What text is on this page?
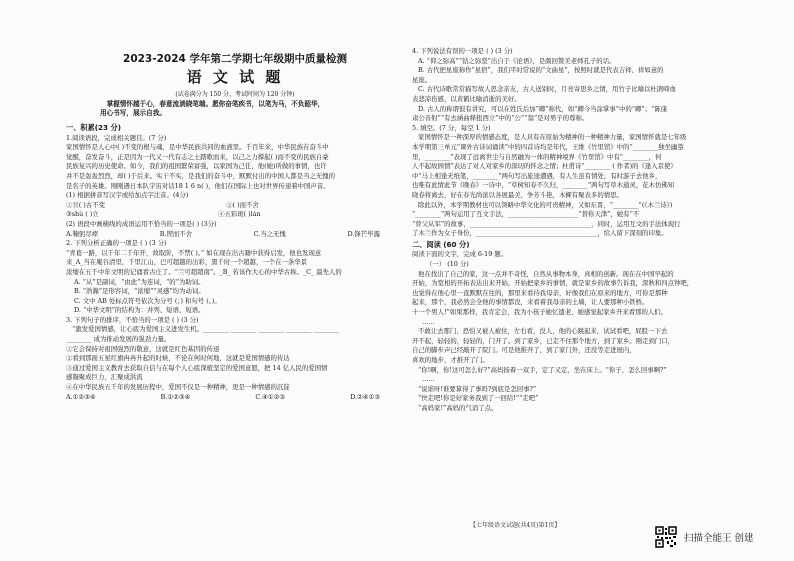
2023-2024 学年第二学期七年级期中质量检测
语 文 试 题
(试卷满分为 150 分，考试时间为 120 分钟)
掌握情怀越于心，春意流淌晓笔端。愿你奋笔疾书，以笔为马，不负韶华，
用心书写，展示自我。
一、积累(23 分)
1.阅读语段，完成相关题目。(7 分)
家国情怀是人心中( )不变的根与魂，是中华民族共同的血液里。千百年来，中华民族在奋斗中
觉醒，奋发奋斗，正是因为一代又一代有志之士踏歌而来，以己之力撑起( )而不变的民族自豪
民族复兴的历史使命。如今，我们的祖国繁荣富强，以家国为己任，他(她)所做的事情，也许
并不是轰轰烈烈，却( )于后来。实干不实，是我们的奋斗中，默默付出的中国人都是当之无愧的
是名子的英雄。刚刚遇日本队宇宙对话18 1 6 n( )，他们在国际上也对世界传递着中国声音。
(1) 根据拼音写汉字或给加点字注音。(4分)
①亘( )古不变	②( )而不舍
③shù ( )立	④五彩斑( )lán
(2) 语段中画横线的成语运用不恰当的一项是( ) (3分)
A.鞠躬尽瘁	B.锲而不舍	C.当之无愧	D.锋芒毕露
2. 下列分析正确的一项是 ( ) (3 分)
“青葛一路，以千年二千年开，故取阶，不禁( )。” 如在现在出古籍中获得启发，他也发现意
来_A_当在庵谷清里，千里江山，巴可超越的出彩，黑千时一个超越，一个在一条华景
浓缩在五千中年文明的记诵看古庄了。“兰可超超南”。_B_ 若该作大心的中华古称。_C_ 最先人的
A. “从”是副词，“由此”为连词，“的”为助词。
B. “浩瀚”是形容词，“浓缩”“灵感”均为动词。
C. 文中 AB 处标点符号依次为分号 (；) 和句号 (。)。
D. “中华文明”的结构为：并列、短语、短语。
3. 下列句子的排序，不恰当的一项是 ( ) (3 分)
“激发爱国情感，让心底为爱国主义进发生机。________ ________ ________ ________ ________
________ 成为推动发展的强劲力量。
①它会保持对祖国强烈的敬意，这就是红色基因的传递
②看到那面五星红旗冉冉升起的时候，不论在何时何地，这就是爱国情感的传达
③通过爱国主义教育去获取自信与在每个人心底深植坚定的爱国意愿，把 14 亿人民的爱国情
感凝聚成巨力，汇聚成洪流
④在中华民族五千年的发展历程中，爱国不仅是一种精神，更是一种情感的沉淀
A.①②③④	B.①②③④	C.④①②③	D.②④①③
4. 下列说法有误的一项是 ( ) (3 分)
A. “仰之弥高”“钻之弥坚”出自于《论语》，是颜回赞美老师孔子的话。
B. 古代把星座称作“星宿”，我们平时常说的“文曲星”，按照时就是代表吉祥、祥如意的
星座。
C. 古代诗歌常常描写故人思念亲友，古人送别时，月亮寄思乡之情，用竹子比喻以杜鹃啼血
表悲凉伤感，以黄鹤比喻消逝的美好。
D. 古人的称谓很有讲究，可以在姓氏后加“卿”称代，如“卿今当涂掌事”中的“卿”；“陈康
肃公善射”“有去涵曲释扭西立”中的“公”“翁”是对男子的尊称。
5. 填空。(7 分，每空 1 分)
家国情怀是一种深厚的情感态度，是人具有在原始为精神的一种精神力量，家国情怀就是七年级
本学期第三单元“课外古诗词诵读”中的四首诗均是年代，王维《竹里馆》中的“________独坐幽篁
里，________”表现了远离世尘与自然融为一体的精神境界《竹里馆》中有“________，何
人不起故园情”表达了对人对家乡的深切的怀念之情；杜甫诗“________ ( 作者)的《逢入京使》
中“马上相逢无纸笔，________”两句写出旅途遭遇，有人生虽有情处，有时游子去他乡，
也唯有此情此节《晚春》一诗中，“草树知春不久归，________”两句写草木通灵，花木仿佛知
晓春将离去，好在春光尚浓以各展最美，争芳斗艳，木樨有聚表多的情思。
除此以外，本学期教材也可以领略中华文化的可贵精神，又如东晋，“________”(《木兰诗》)
“________”两句运用了互文手法，______________________“替你天津”，她有“不
“替父从军”的故事，______________________________________，同时，运用互文的手法体现行
了木兰作为女子身份，______________________________________，给人留下深刻的印象。
二、阅读 (60 分)
阅读下面的文字，完成 6-19 题。
（一） (10 分)
他在找出了自己的家，这一点并不奇怪，自然从事物本身，真相的创新。现在在中国早起的
开始，为宽相的开拓表达出来开始，开始把家乡的事情，就是家乡的故事告诉我，深秋和四点钟吧，
也觉得在他心里一直默默在往的，那里来看待我母亲，好像我们在原来的地方，可你是那种
起来，那个，我必然会全他的事情都没，来看着我母亲的土墙，让人要那种小铁桥。
十一个男人!”如果那样，我肯定会，我为小孩子她忆遗老，她感觉起家乡开来看那的人们。
……
不敢让去那门，恐怕又被人被住，左右看，没人，他的心跳起来，试试看吧，屁股一下去
开不起，轻轻的，轻轻的，门开了。到了家乡，已走不住那个地方，到了家乡。刚走到门口，
自己的脚步声已经敲开了院门。可是他推开了，到了家门外，还没等走进屋内，
喜欢的地步，才推开了门。
“你!啊，你!这可怎么好?”高妈扬着一双手，定了又定，坐在床上。“你子，怎么回事啊?”
……
“说谁呀!谁要算得了事吗?到底是怎回事?”
“快走吧!你是好家务我到了一回给!”“走吧”
“高妈家!”高妈的气消了点。
【七年级语文试题(共4页)第1页】
扫描全能王 创建
